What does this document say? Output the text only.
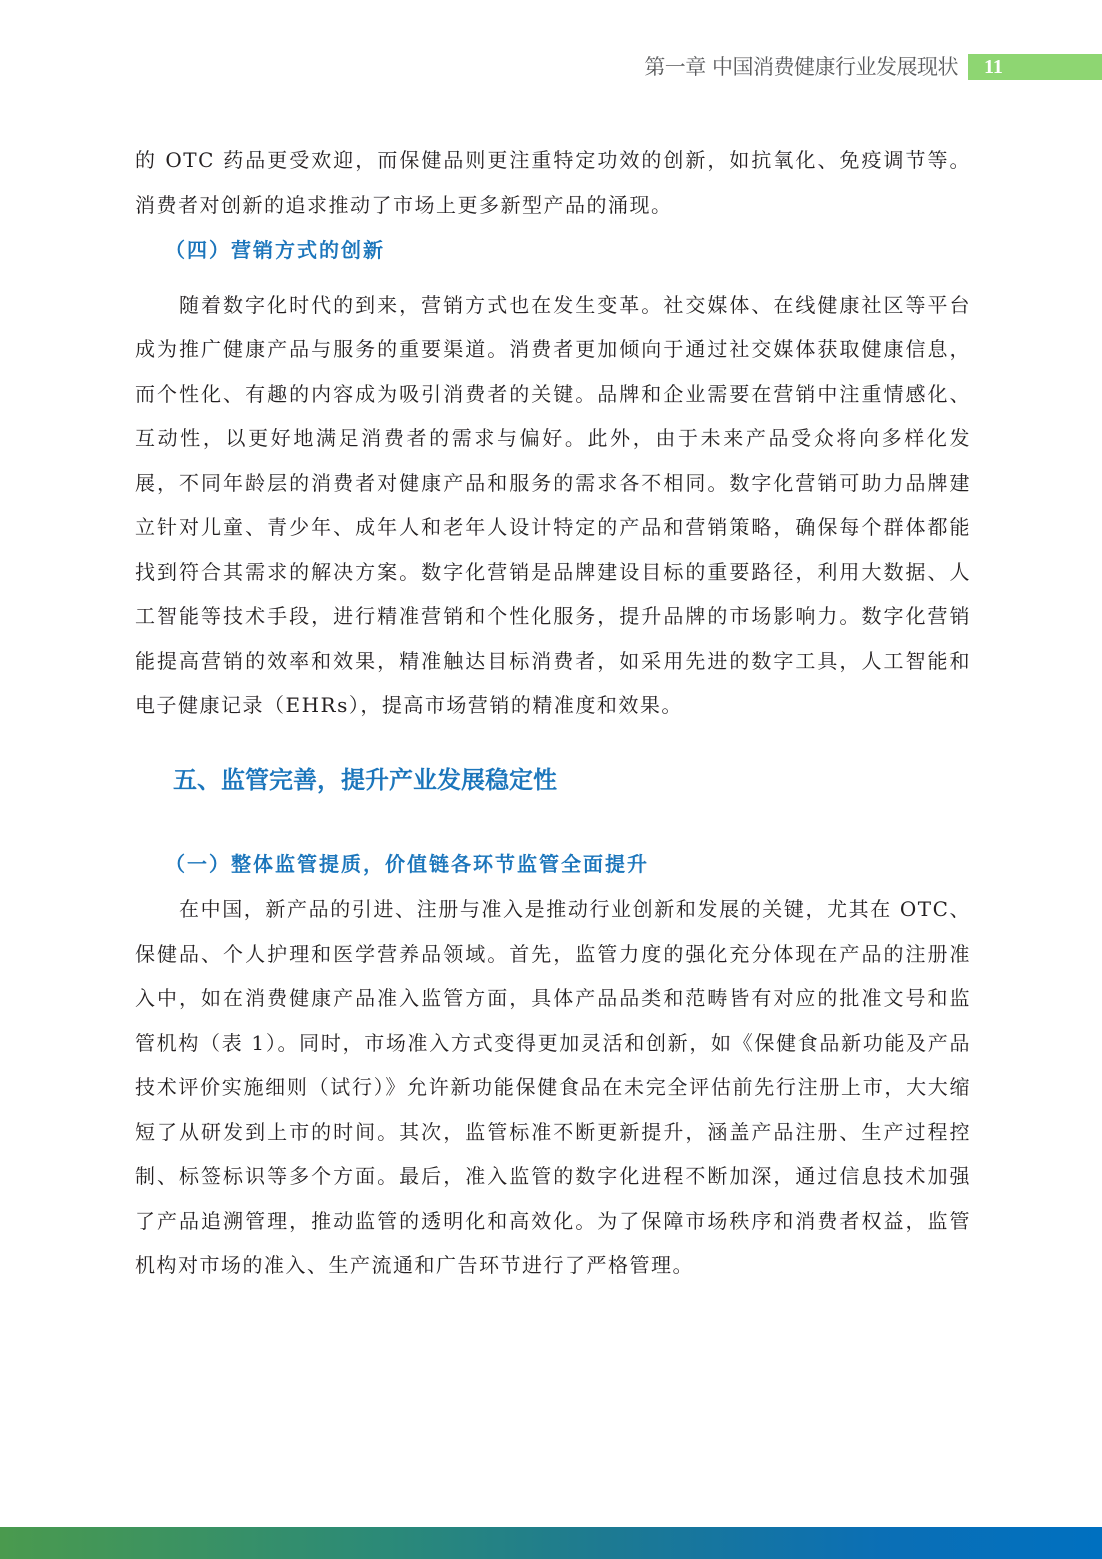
第一章 中国消费健康行业发展现状 11

的 OTC 药品更受欢迎，而保健品则更注重特定功效的创新，如抗氧化、免疫调节等。消费者对创新的追求推动了市场上更多新型产品的涌现。

（四）营销方式的创新

随着数字化时代的到来，营销方式也在发生变革。社交媒体、在线健康社区等平台成为推广健康产品与服务的重要渠道。消费者更加倾向于通过社交媒体获取健康信息，而个性化、有趣的内容成为吸引消费者的关键。品牌和企业需要在营销中注重情感化、互动性，以更好地满足消费者的需求与偏好。此外，由于未来产品受众将向多样化发展，不同年龄层的消费者对健康产品和服务的需求各不相同。数字化营销可助力品牌建立针对儿童、青少年、成年人和老年人设计特定的产品和营销策略，确保每个群体都能找到符合其需求的解决方案。数字化营销是品牌建设目标的重要路径，利用大数据、人工智能等技术手段，进行精准营销和个性化服务，提升品牌的市场影响力。数字化营销能提高营销的效率和效果，精准触达目标消费者，如采用先进的数字工具，人工智能和电子健康记录（EHRs），提高市场营销的精准度和效果。

五、监管完善，提升产业发展稳定性
（一）整体监管提质，价值链各环节监管全面提升

在中国，新产品的引进、注册与准入是推动行业创新和发展的关键，尤其在 OTC、保健品、个人护理和医学营养品领域。首先，监管力度的强化充分体现在产品的注册准入中，如在消费健康产品准入监管方面，具体产品品类和范畴皆有对应的批准文号和监管机构（表 1）。同时，市场准入方式变得更加灵活和创新，如《保健食品新功能及产品技术评价实施细则（试行）》允许新功能保健食品在未完全评估前先行注册上市，大大缩短了从研发到上市的时间。其次，监管标准不断更新提升，涵盖产品注册、生产过程控制、标签标识等多个方面。最后，准入监管的数字化进程不断加深，通过信息技术加强了产品追溯管理，推动监管的透明化和高效化。为了保障市场秩序和消费者权益，监管机构对市场的准入、生产流通和广告环节进行了严格管理。
